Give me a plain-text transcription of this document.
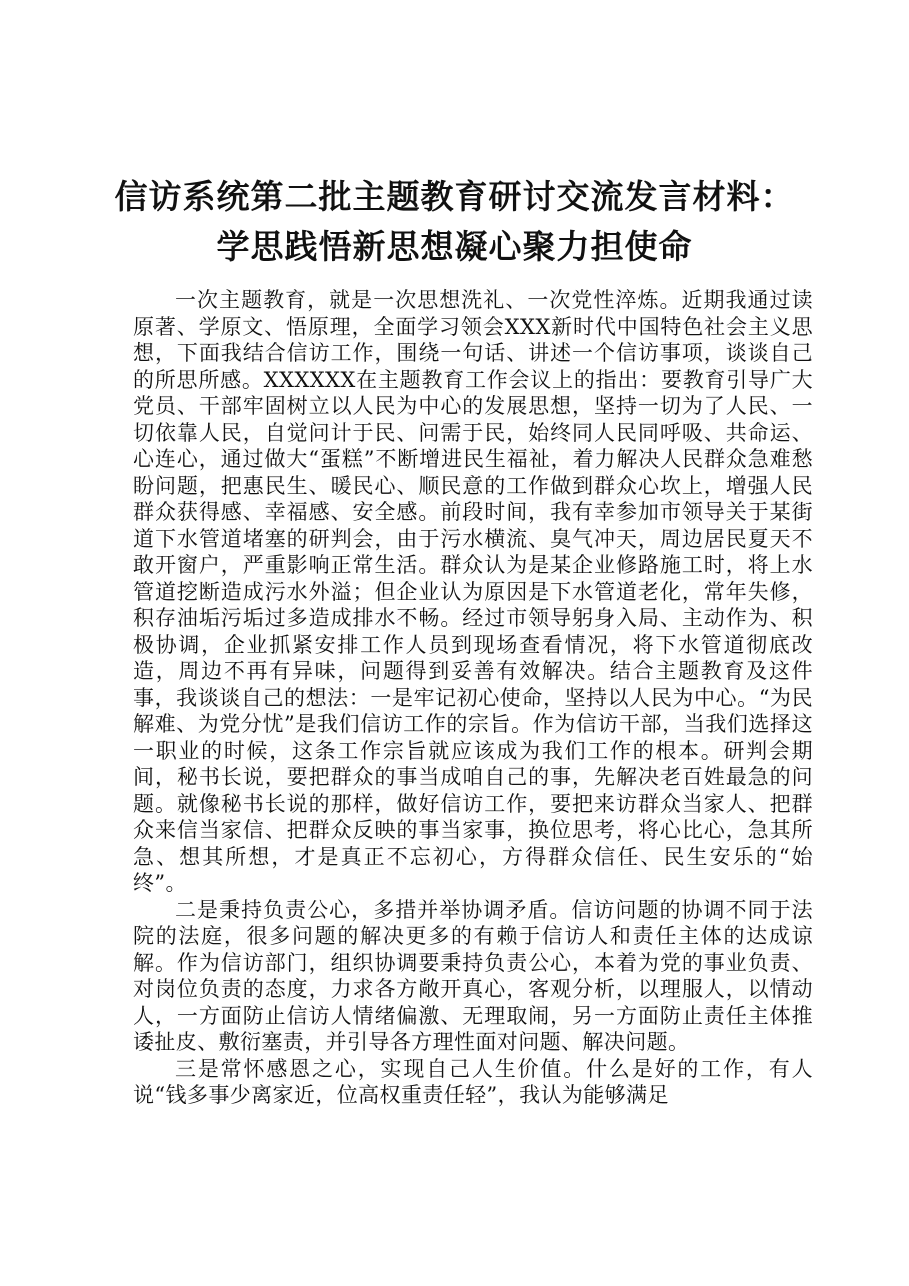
信访系统第二批主题教育研讨交流发言材料：
学思践悟新思想凝心聚力担使命

一次主题教育，就是一次思想洗礼、一次党性淬炼。近期我通过读原著、学原文、悟原理，全面学习领会XXX新时代中国特色社会主义思想，下面我结合信访工作，围绕一句话、讲述一个信访事项，谈谈自己的所思所感。XXXXXX在主题教育工作会议上的指出：要教育引导广大党员、干部牢固树立以人民为中心的发展思想，坚持一切为了人民、一切依靠人民，自觉问计于民、问需于民，始终同人民同呼吸、共命运、心连心，通过做大“蛋糕”不断增进民生福祉，着力解决人民群众急难愁盼问题，把惠民生、暖民心、顺民意的工作做到群众心坎上，增强人民群众获得感、幸福感、安全感。前段时间，我有幸参加市领导关于某街道下水管道堵塞的研判会，由于污水横流、臭气冲天，周边居民夏天不敢开窗户，严重影响正常生活。群众认为是某企业修路施工时，将上水管道挖断造成污水外溢；但企业认为原因是下水管道老化，常年失修，积存油垢污垢过多造成排水不畅。经过市领导躬身入局、主动作为、积极协调，企业抓紧安排工作人员到现场查看情况，将下水管道彻底改造，周边不再有异味，问题得到妥善有效解决。结合主题教育及这件事，我谈谈自己的想法：一是牢记初心使命，坚持以人民为中心。“为民解难、为党分忧”是我们信访工作的宗旨。作为信访干部，当我们选择这一职业的时候，这条工作宗旨就应该成为我们工作的根本。研判会期间，秘书长说，要把群众的事当成咱自己的事，先解决老百姓最急的问题。就像秘书长说的那样，做好信访工作，要把来访群众当家人、把群众来信当家信、把群众反映的事当家事，换位思考，将心比心，急其所急、想其所想，才是真正不忘初心，方得群众信任、民生安乐的“始终”。

二是秉持负责公心，多措并举协调矛盾。信访问题的协调不同于法院的法庭，很多问题的解决更多的有赖于信访人和责任主体的达成谅解。作为信访部门，组织协调要秉持负责公心，本着为党的事业负责、对岗位负责的态度，力求各方敞开真心，客观分析，以理服人，以情动人，一方面防止信访人情绪偏激、无理取闹，另一方面防止责任主体推诿扯皮、敷衍塞责，并引导各方理性面对问题、解决问题。

三是常怀感恩之心，实现自己人生价值。什么是好的工作，有人说“钱多事少离家近，位高权重责任轻”，我认为能够满足
